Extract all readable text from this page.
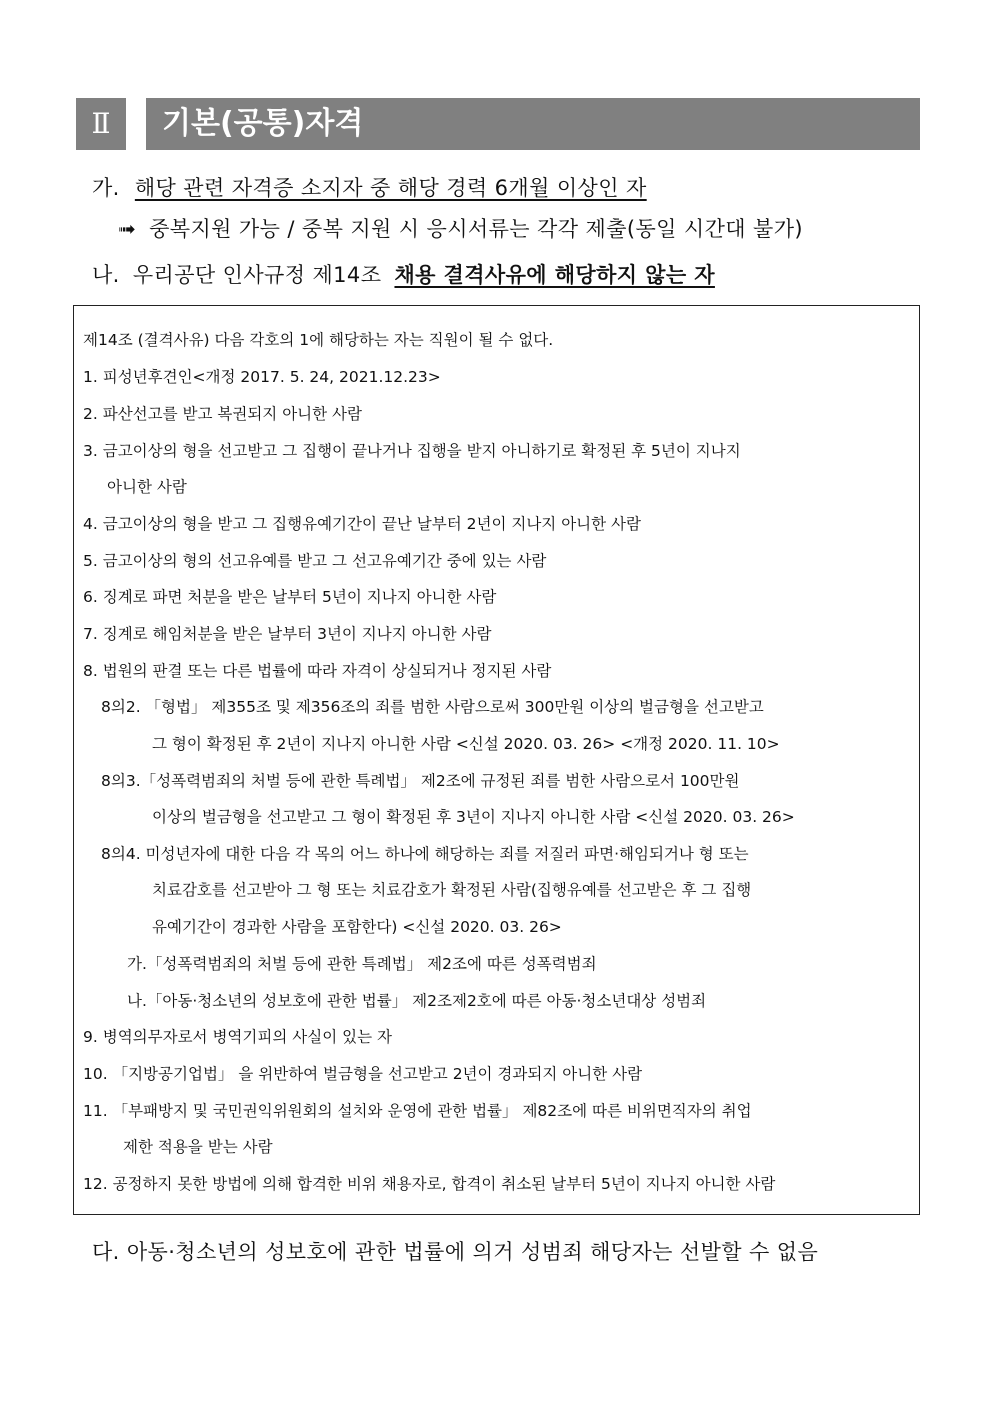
Ⅱ	기본(공통)자격
가. 해당 관련 자격증 소지자 중 해당 경력 6개월 이상인 자
➟ 중복지원 가능 / 중복 지원 시 응시서류는 각각 제출(동일 시간대 불가)
나. 우리공단 인사규정 제14조 채용 결격사유에 해당하지 않는 자
제14조 (결격사유) 다음 각호의 1에 해당하는 자는 직원이 될 수 없다.
1. 피성년후견인<개정 2017. 5. 24, 2021.12.23>
2. 파산선고를 받고 복권되지 아니한 사람
3. 금고이상의 형을 선고받고 그 집행이 끝나거나 집행을 받지 아니하기로 확정된 후 5년이 지나지
아니한 사람
4. 금고이상의 형을 받고 그 집행유예기간이 끝난 날부터 2년이 지나지 아니한 사람
5. 금고이상의 형의 선고유예를 받고 그 선고유예기간 중에 있는 사람
6. 징계로 파면 처분을 받은 날부터 5년이 지나지 아니한 사람
7. 징계로 해임처분을 받은 날부터 3년이 지나지 아니한 사람
8. 법원의 판결 또는 다른 법률에 따라 자격이 상실되거나 정지된 사람
8의2. 「형법」 제355조 및 제356조의 죄를 범한 사람으로써 300만원 이상의 벌금형을 선고받고
그 형이 확정된 후 2년이 지나지 아니한 사람 <신설 2020. 03. 26> <개정 2020. 11. 10>
8의3.「성폭력범죄의 처벌 등에 관한 특례법」 제2조에 규정된 죄를 범한 사람으로서 100만원
이상의 벌금형을 선고받고 그 형이 확정된 후 3년이 지나지 아니한 사람 <신설 2020. 03. 26>
8의4. 미성년자에 대한 다음 각 목의 어느 하나에 해당하는 죄를 저질러 파면·해임되거나 형 또는
치료감호를 선고받아 그 형 또는 치료감호가 확정된 사람(집행유예를 선고받은 후 그 집행
유예기간이 경과한 사람을 포함한다) <신설 2020. 03. 26>
가.「성폭력범죄의 처벌 등에 관한 특례법」 제2조에 따른 성폭력범죄
나.「아동·청소년의 성보호에 관한 법률」 제2조제2호에 따른 아동·청소년대상 성범죄
9. 병역의무자로서 병역기피의 사실이 있는 자
10. 「지방공기업법」 을 위반하여 벌금형을 선고받고 2년이 경과되지 아니한 사람
11. 「부패방지 및 국민권익위원회의 설치와 운영에 관한 법률」 제82조에 따른 비위면직자의 취업
제한 적용을 받는 사람
12. 공정하지 못한 방법에 의해 합격한 비위 채용자로, 합격이 취소된 날부터 5년이 지나지 아니한 사람
다. 아동·청소년의 성보호에 관한 법률에 의거 성범죄 해당자는 선발할 수 없음
